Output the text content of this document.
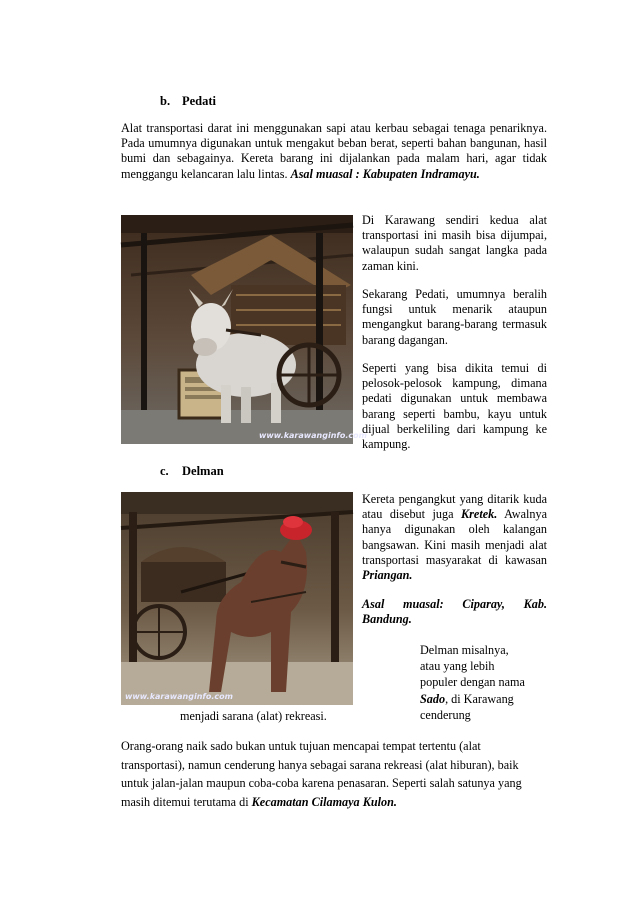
b. Pedati
Alat transportasi darat ini menggunakan sapi atau kerbau sebagai tenaga penariknya. Pada umumnya digunakan untuk mengakut beban berat, seperti bahan bangunan, hasil bumi dan sebagainya. Kereta barang ini dijalankan pada malam hari, agar tidak menggangu kelancaran lalu lintas. Asal muasal : Kabupaten Indramayu.
www.karawanginfo.com
Di Karawang sendiri kedua alat transportasi ini masih bisa dijumpai, walaupun sudah sangat langka pada zaman kini.
Sekarang Pedati, umumnya beralih fungsi untuk menarik ataupun mengangkut barang-barang termasuk barang dagangan.
Seperti yang bisa dikita temui di pelosok-pelosok kampung, dimana pedati digunakan untuk membawa barang seperti bambu, kayu untuk dijual berkeliling dari kampung ke kampung.
c. Delman
www.karawanginfo.com
Kereta pengangkut yang ditarik kuda atau disebut juga Kretek. Awalnya hanya digunakan oleh kalangan bangsawan. Kini masih menjadi alat transportasi masyarakat di kawasan Priangan.
Asal muasal: Ciparay, Kab. Bandung.
Delman misalnya, atau yang lebih populer dengan nama Sado, di Karawang cenderung
menjadi sarana (alat) rekreasi.
Orang-orang naik sado bukan untuk tujuan mencapai tempat tertentu (alat transportasi), namun cenderung hanya sebagai sarana rekreasi (alat hiburan), baik untuk jalan-jalan maupun coba-coba karena penasaran. Seperti salah satunya yang masih ditemui terutama di Kecamatan Cilamaya Kulon.
